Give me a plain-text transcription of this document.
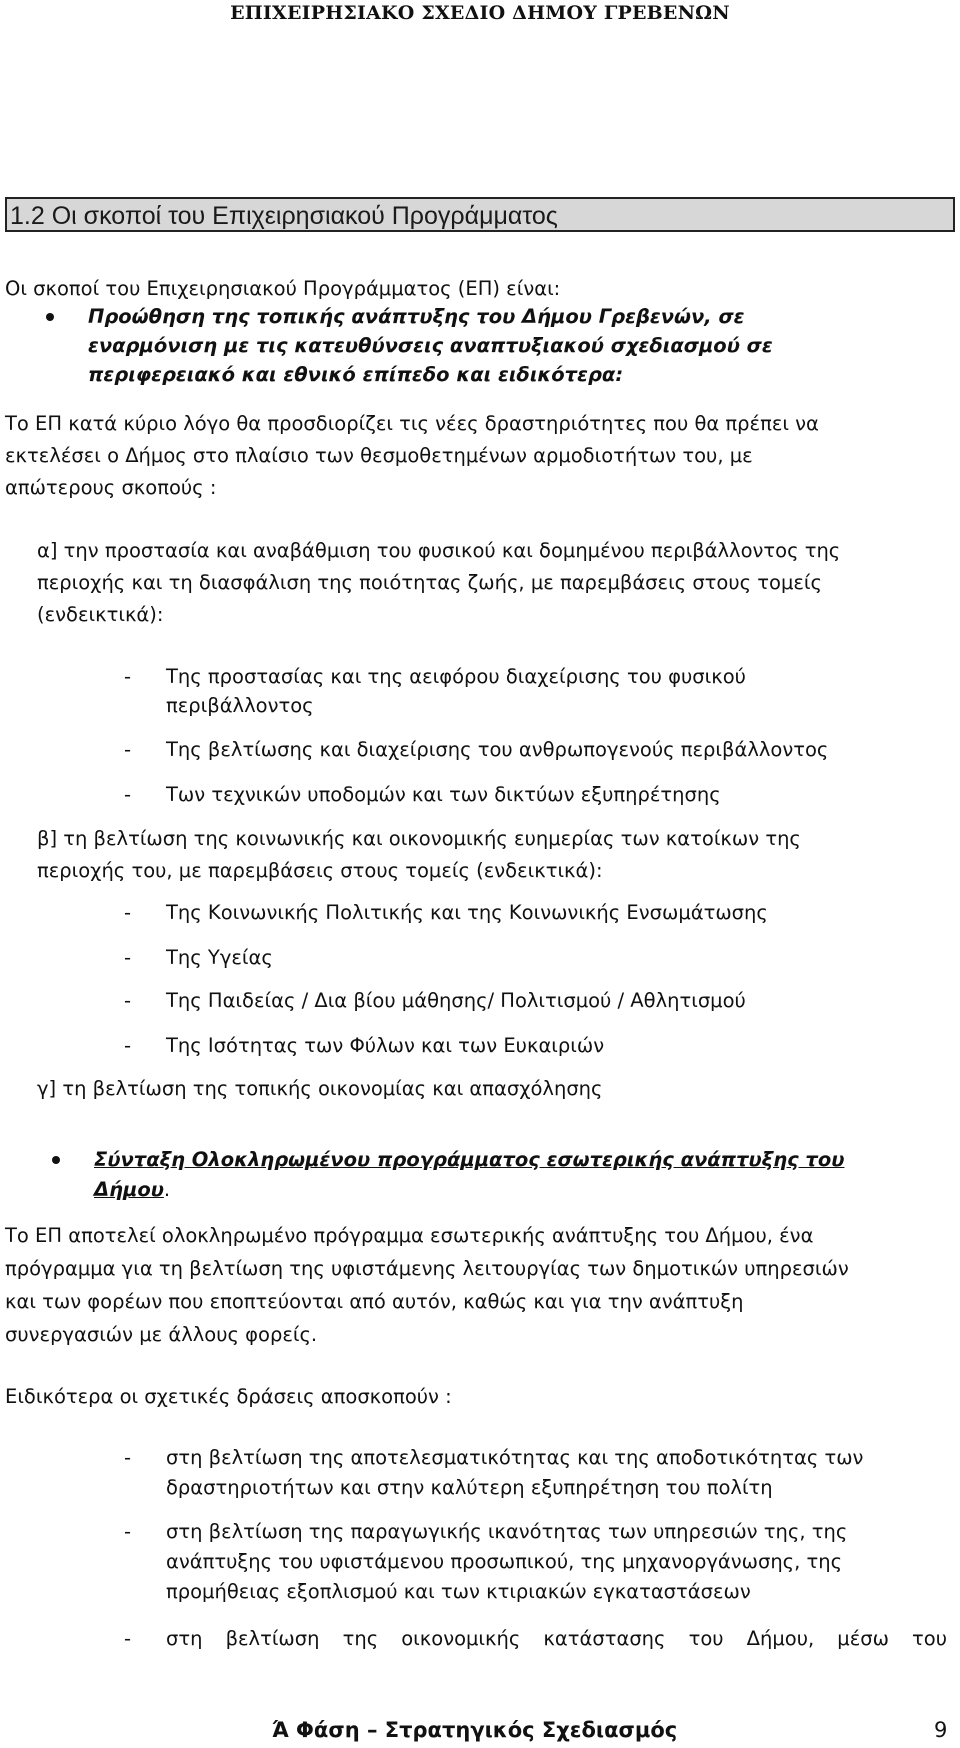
ΕΠΙΧΕΙΡΗΣΙΑΚΟ ΣΧΕΔΙΟ ΔΗΜΟΥ ΓΡΕΒΕΝΩΝ
1.2 Οι σκοποί του Επιχειρησιακού Προγράμματος
Οι σκοποί του Επιχειρησιακού Προγράμματος (ΕΠ) είναι:
Προώθηση της τοπικής ανάπτυξης του Δήμου Γρεβενών, σε
εναρμόνιση με τις κατευθύνσεις αναπτυξιακού σχεδιασμού σε
περιφερειακό και εθνικό επίπεδο και ειδικότερα:
Το ΕΠ κατά κύριο λόγο θα προσδιορίζει τις νέες δραστηριότητες που θα πρέπει να
εκτελέσει ο Δήμος στο πλαίσιο των θεσμοθετημένων αρμοδιοτήτων του, με
απώτερους σκοπούς :
α] την προστασία και αναβάθμιση του φυσικού και δομημένου περιβάλλοντος της
περιοχής και τη διασφάλιση της ποιότητας ζωής, με παρεμβάσεις στους τομείς
(ενδεικτικά):
- Της προστασίας και της αειφόρου διαχείρισης του φυσικού
περιβάλλοντος
- Της βελτίωσης και διαχείρισης του ανθρωπογενούς περιβάλλοντος
- Των τεχνικών υποδομών και των δικτύων εξυπηρέτησης
β] τη βελτίωση της κοινωνικής και οικονομικής ευημερίας των κατοίκων της
περιοχής του, με παρεμβάσεις στους τομείς (ενδεικτικά):
- Της Κοινωνικής Πολιτικής και της Κοινωνικής Ενσωμάτωσης
- Της Υγείας
- Της Παιδείας / Δια βίου μάθησης/ Πολιτισμού / Αθλητισμού
- Της Ισότητας των Φύλων και των Ευκαιριών
γ] τη βελτίωση της τοπικής οικονομίας και απασχόλησης
Σύνταξη Ολοκληρωμένου προγράμματος εσωτερικής ανάπτυξης του
Δήμου.
Το ΕΠ αποτελεί ολοκληρωμένο πρόγραμμα εσωτερικής ανάπτυξης του Δήμου, ένα
πρόγραμμα για τη βελτίωση της υφιστάμενης λειτουργίας των δημοτικών υπηρεσιών
και των φορέων που εποπτεύονται από αυτόν, καθώς και για την ανάπτυξη
συνεργασιών με άλλους φορείς.
Ειδικότερα οι σχετικές δράσεις αποσκοπούν :
- στη βελτίωση της αποτελεσματικότητας και της αποδοτικότητας των
δραστηριοτήτων και στην καλύτερη εξυπηρέτηση του πολίτη
- στη βελτίωση της παραγωγικής ικανότητας των υπηρεσιών της, της
ανάπτυξης του υφιστάμενου προσωπικού, της μηχανοργάνωσης, της
προμήθειας εξοπλισμού και των κτιριακών εγκαταστάσεων
- στη βελτίωση της οικονομικής κατάστασης του Δήμου, μέσω του
Ά Φάση – Στρατηγικός Σχεδιασμός	9
